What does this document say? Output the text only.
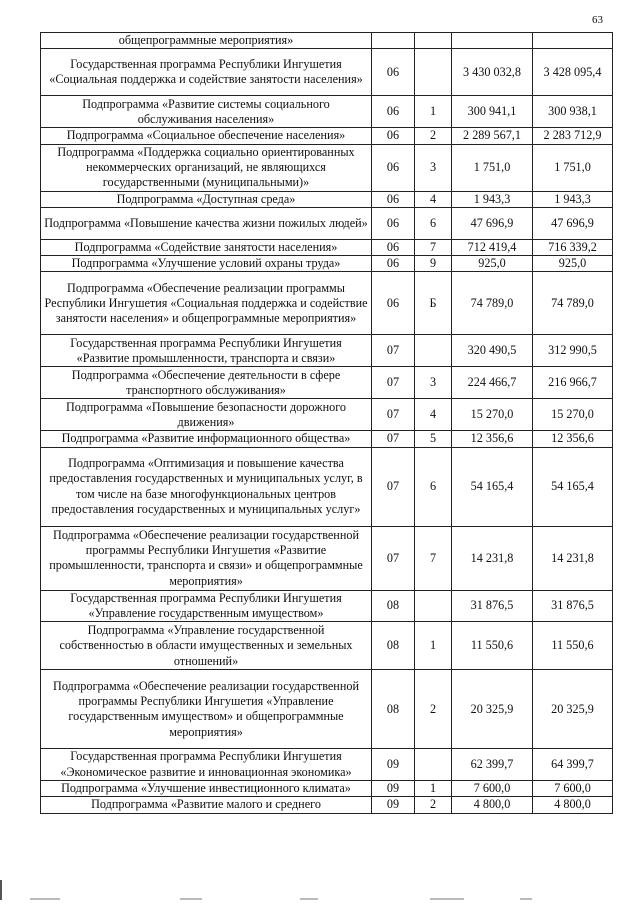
63
общепрограммные мероприятия»				
Государственная программа Республики Ингушетия «Социальная поддержка и содействие занятости населения»	06		3 430 032,8	3 428 095,4
Подпрограмма «Развитие системы социального обслуживания населения»	06	1	300 941,1	300 938,1
Подпрограмма «Социальное обеспечение населения»	06	2	2 289 567,1	2 283 712,9
Подпрограмма «Поддержка социально ориентированных некоммерческих организаций, не являющихся государственными (муниципальными)»	06	3	1 751,0	1 751,0
Подпрограмма «Доступная среда»	06	4	1 943,3	1 943,3
Подпрограмма «Повышение качества жизни пожилых людей»	06	6	47 696,9	47 696,9
Подпрограмма «Содействие занятости населения»	06	7	712 419,4	716 339,2
Подпрограмма «Улучшение условий охраны труда»	06	9	925,0	925,0
Подпрограмма «Обеспечение реализации программы Республики Ингушетия «Социальная поддержка и содействие занятости населения» и общепрограммные мероприятия»	06	Б	74 789,0	74 789,0
Государственная программа Республики Ингушетия «Развитие промышленности, транспорта и связи»	07		320 490,5	312 990,5
Подпрограмма «Обеспечение деятельности в сфере транспортного обслуживания»	07	3	224 466,7	216 966,7
Подпрограмма «Повышение безопасности дорожного движения»	07	4	15 270,0	15 270,0
Подпрограмма «Развитие информационного общества»	07	5	12 356,6	12 356,6
Подпрограмма «Оптимизация и повышение качества предоставления государственных и муниципальных услуг, в том числе на базе многофункциональных центров предоставления государственных и муниципальных услуг»	07	6	54 165,4	54 165,4
Подпрограмма «Обеспечение реализации государственной программы Республики Ингушетия «Развитие промышленности, транспорта и связи» и общепрограммные мероприятия»	07	7	14 231,8	14 231,8
Государственная программа Республики Ингушетия «Управление государственным имуществом»	08		31 876,5	31 876,5
Подпрограмма «Управление государственной собственностью в области имущественных и земельных отношений»	08	1	11 550,6	11 550,6
Подпрограмма «Обеспечение реализации государственной программы Республики Ингушетия «Управление государственным имуществом» и общепрограммные мероприятия»	08	2	20 325,9	20 325,9
Государственная программа Республики Ингушетия «Экономическое развитие и инновационная экономика»	09		62 399,7	64 399,7
Подпрограмма «Улучшение инвестиционного климата»	09	1	7 600,0	7 600,0
Подпрограмма «Развитие малого и среднего	09	2	4 800,0	4 800,0
